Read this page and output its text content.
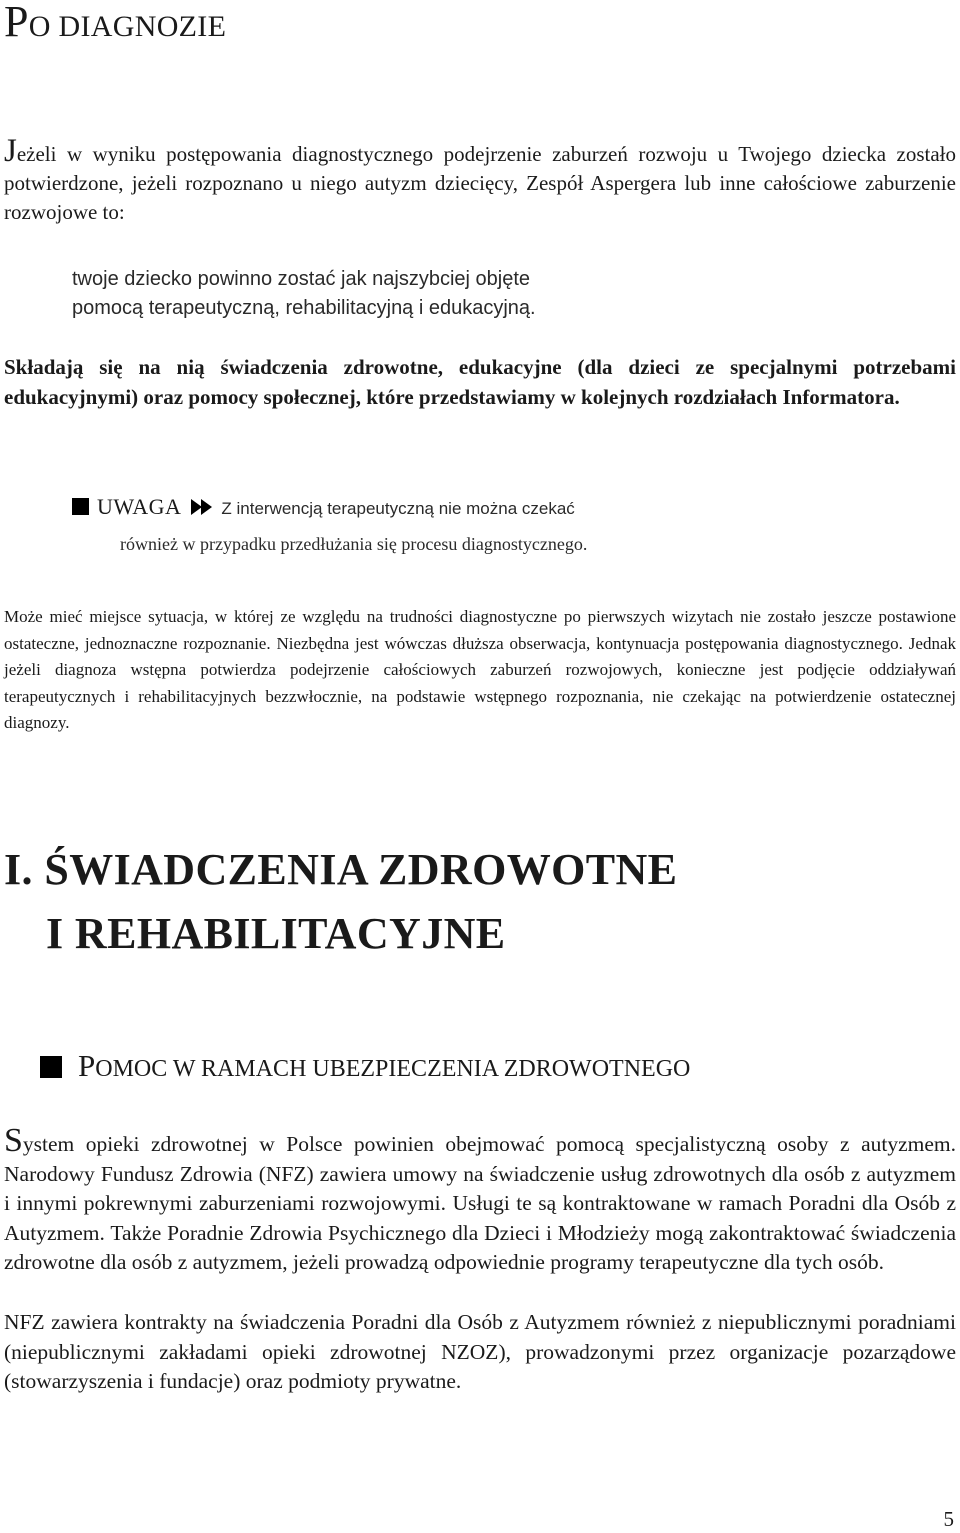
PO DIAGNOZIE

Jeżeli w wyniku postępowania diagnostycznego podejrzenie zaburzeń rozwoju u Twojego dziecka zostało potwierdzone, jeżeli rozpoznano u niego autyzm dziecięcy, Zespół Aspergera lub inne całościowe zaburzenie rozwojowe to:

twoje dziecko powinno zostać jak najszybciej objęte
pomocą terapeutyczną, rehabilitacyjną i edukacyjną.

Składają się na nią świadczenia zdrowotne, edukacyjne (dla dzieci ze specjalnymi potrzebami edukacyjnymi) oraz pomocy społecznej, które przedstawiamy w kolejnych rozdziałach Informatora.

UWAGA Z interwencją terapeutyczną nie można czekać
również w przypadku przedłużania się procesu diagnostycznego.

Może mieć miejsce sytuacja, w której ze względu na trudności diagnostyczne po pierwszych wizytach nie zostało jeszcze postawione ostateczne, jednoznaczne rozpoznanie. Niezbędna jest wówczas dłuższa obserwacja, kontynuacja postępowania diagnostycznego. Jednak jeżeli diagnoza wstępna potwierdza podejrzenie całościowych zaburzeń rozwojowych, konieczne jest podjęcie oddziaływań terapeutycznych i rehabilitacyjnych bezzwłocznie, na podstawie wstępnego rozpoznania, nie czekając na potwierdzenie ostatecznej diagnozy.

I. ŚWIADCZENIA ZDROWOTNE
I REHABILITACYJNE
POMOC W RAMACH UBEZPIECZENIA ZDROWOTNEGO

System opieki zdrowotnej w Polsce powinien obejmować pomocą specjalistyczną osoby z autyzmem. Narodowy Fundusz Zdrowia (NFZ) zawiera umowy na świadczenie usług zdrowotnych dla osób z autyzmem i innymi pokrewnymi zaburzeniami rozwojowymi. Usługi te są kontraktowane w ramach Poradni dla Osób z Autyzmem. Także Poradnie Zdrowia Psychicznego dla Dzieci i Młodzieży mogą zakontraktować świadczenia zdrowotne dla osób z autyzmem, jeżeli prowadzą odpowiednie programy terapeutyczne dla tych osób.

NFZ zawiera kontrakty na świadczenia Poradni dla Osób z Autyzmem również z niepublicznymi poradniami (niepublicznymi zakładami opieki zdrowotnej NZOZ), prowadzonymi przez organizacje pozarządowe (stowarzyszenia i fundacje) oraz podmioty prywatne.

5
